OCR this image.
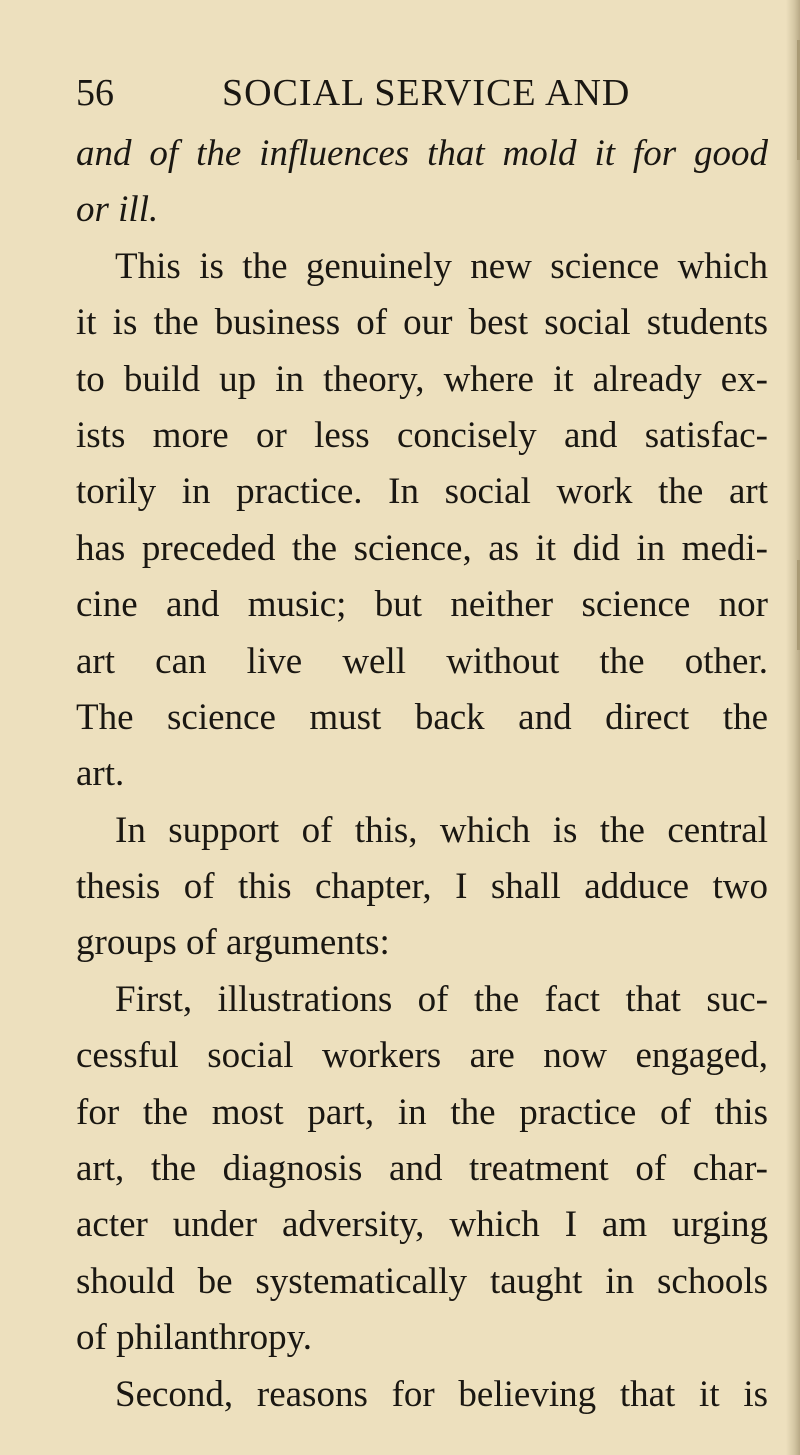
56	SOCIAL SERVICE AND
and of the influences that mold it for good
or ill.
This is the genuinely new science which
it is the business of our best social students
to build up in theory, where it already ex-
ists more or less concisely and satisfac-
torily in practice. In social work the art
has preceded the science, as it did in medi-
cine and music; but neither science nor
art can live well without the other.
The science must back and direct the
art.
In support of this, which is the central
thesis of this chapter, I shall adduce two
groups of arguments:
First, illustrations of the fact that suc-
cessful social workers are now engaged,
for the most part, in the practice of this
art, the diagnosis and treatment of char-
acter under adversity, which I am urging
should be systematically taught in schools
of philanthropy.
Second, reasons for believing that it is
